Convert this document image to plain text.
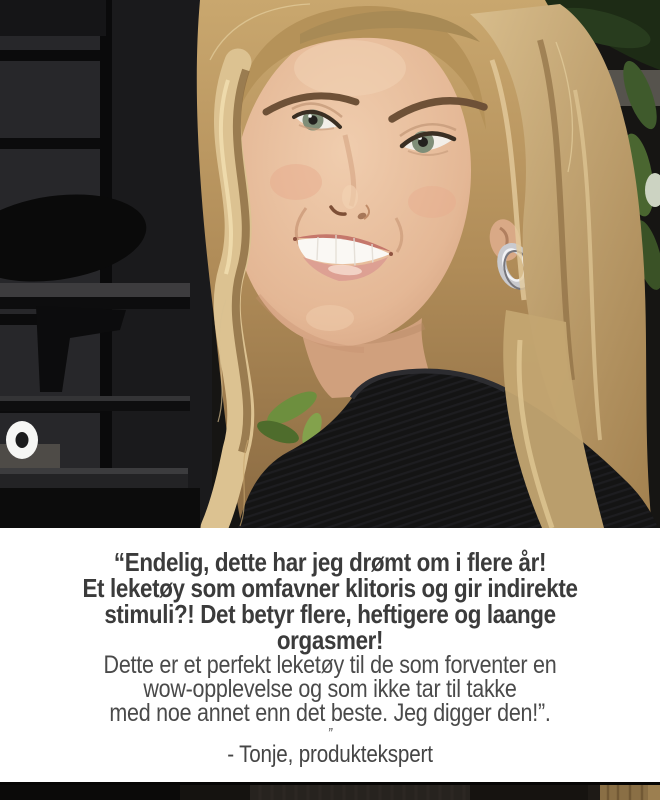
“Endelig, dette har jeg drømt om i flere år!
Et leketøy som omfavner klitoris og gir indirekte
stimuli?! Det betyr flere, heftigere og laange
orgasmer!
Dette er et perfekt leketøy til de som forventer en
wow-opplevelse og som ikke tar til takke
med noe annet enn det beste. Jeg digger den!”.
”
- Tonje, produktekspert
